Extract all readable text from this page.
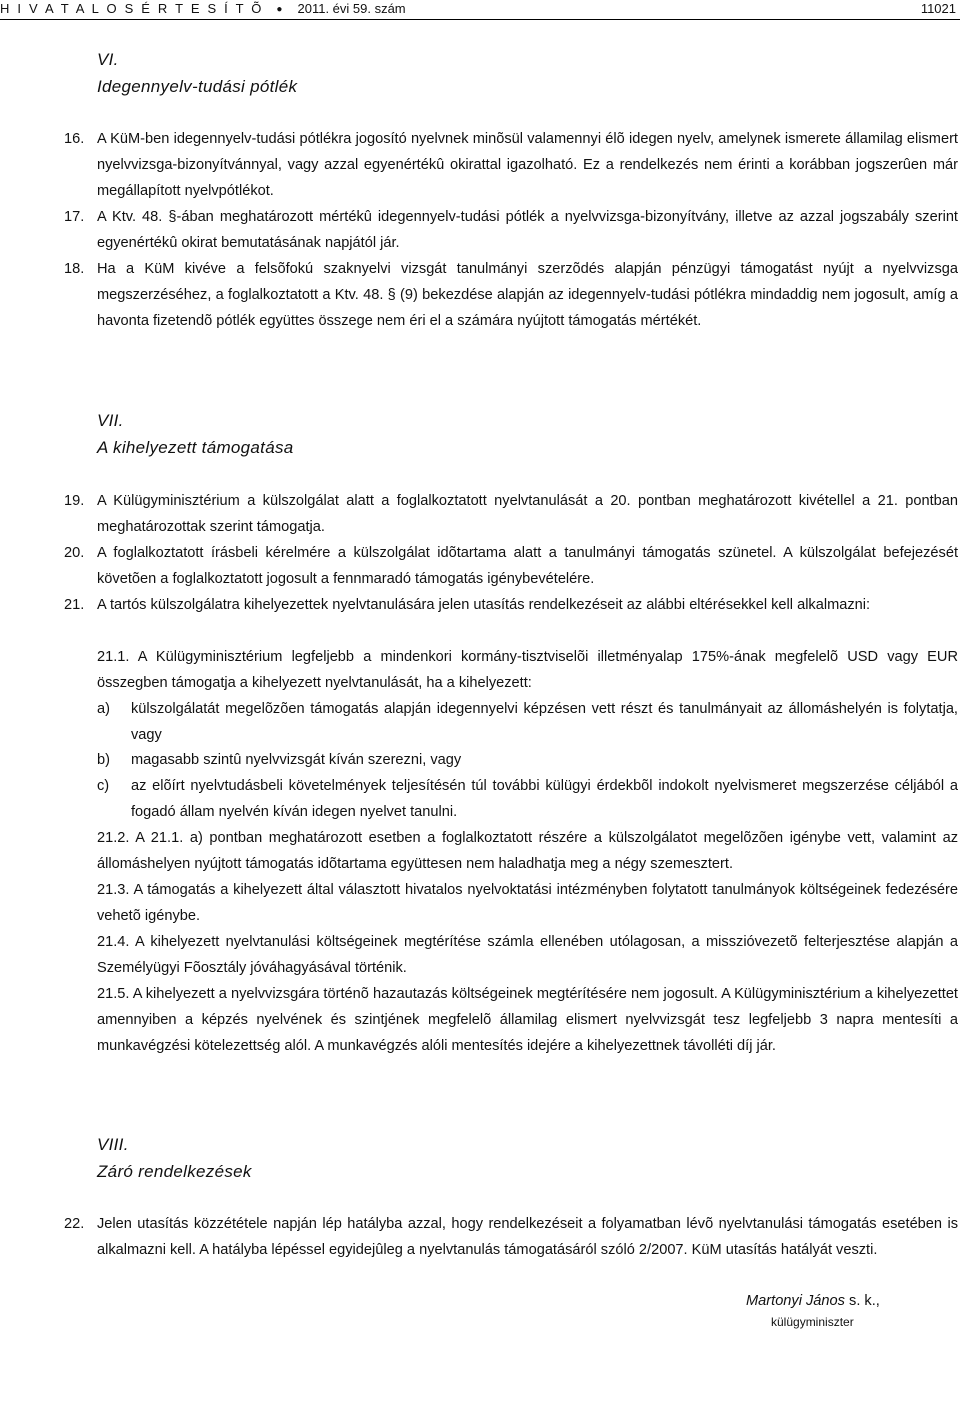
H I V A T A L O S É R T E S Í T Õ ● 2011. évi 59. szám	11021
VI.
Idegennyelv-tudási pótlék
16. A KüM-ben idegennyelv-tudási pótlékra jogosító nyelvnek minõsül valamennyi élõ idegen nyelv, amelynek ismerete államilag elismert nyelvvizsga-bizonyítvánnyal, vagy azzal egyenértékû okirattal igazolható. Ez a rendelkezés nem érinti a korábban jogszerûen már megállapított nyelvpótlékot.
17. A Ktv. 48. §-ában meghatározott mértékû idegennyelv-tudási pótlék a nyelvvizsga-bizonyítvány, illetve az azzal jogszabály szerint egyenértékû okirat bemutatásának napjától jár.
18. Ha a KüM kivéve a felsõfokú szaknyelvi vizsgát tanulmányi szerzõdés alapján pénzügyi támogatást nyújt a nyelvvizsga megszerzéséhez, a foglalkoztatott a Ktv. 48. § (9) bekezdése alapján az idegennyelv-tudási pótlékra mindaddig nem jogosult, amíg a havonta fizetendõ pótlék együttes összege nem éri el a számára nyújtott támogatás mértékét.
VII.
A kihelyezett támogatása
19. A Külügyminisztérium a külszolgálat alatt a foglalkoztatott nyelvtanulását a 20. pontban meghatározott kivétellel a 21. pontban meghatározottak szerint támogatja.
20. A foglalkoztatott írásbeli kérelmére a külszolgálat idõtartama alatt a tanulmányi támogatás szünetel. A külszolgálat befejezését követõen a foglalkoztatott jogosult a fennmaradó támogatás igénybevételére.
21. A tartós külszolgálatra kihelyezettek nyelvtanulására jelen utasítás rendelkezéseit az alábbi eltérésekkel kell alkalmazni:
21.1. A Külügyminisztérium legfeljebb a mindenkori kormány-tisztviselõi illetményalap 175%-ának megfelelõ USD vagy EUR összegben támogatja a kihelyezett nyelvtanulását, ha a kihelyezett:
a) külszolgálatát megelõzõen támogatás alapján idegennyelvi képzésen vett részt és tanulmányait az állomáshelyén is folytatja, vagy
b) magasabb szintû nyelvvizsgát kíván szerezni, vagy
c) az elõírt nyelvtudásbeli követelmények teljesítésén túl további külügyi érdekbõl indokolt nyelvismeret megszerzése céljából a fogadó állam nyelvén kíván idegen nyelvet tanulni.
21.2. A 21.1. a) pontban meghatározott esetben a foglalkoztatott részére a külszolgálatot megelõzõen igénybe vett, valamint az állomáshelyen nyújtott támogatás idõtartama együttesen nem haladhatja meg a négy szemesztert.
21.3. A támogatás a kihelyezett által választott hivatalos nyelvoktatási intézményben folytatott tanulmányok költségeinek fedezésére vehetõ igénybe.
21.4. A kihelyezett nyelvtanulási költségeinek megtérítése számla ellenében utólagosan, a misszióvezetõ felterjesztése alapján a Személyügyi Fõosztály jóváhagyásával történik.
21.5. A kihelyezett a nyelvvizsgára történõ hazautazás költségeinek megtérítésére nem jogosult. A Külügyminisztérium a kihelyezettet amennyiben a képzés nyelvének és szintjének megfelelõ államilag elismert nyelvvizsgát tesz legfeljebb 3 napra mentesíti a munkavégzési kötelezettség alól. A munkavégzés alóli mentesítés idejére a kihelyezettnek távolléti díj jár.
VIII.
Záró rendelkezések
22. Jelen utasítás közzététele napján lép hatályba azzal, hogy rendelkezéseit a folyamatban lévõ nyelvtanulási támogatás esetében is alkalmazni kell. A hatályba lépéssel egyidejûleg a nyelvtanulás támogatásáról szóló 2/2007. KüM utasítás hatályát veszti.
Martonyi János s. k.,
külügyminiszter
